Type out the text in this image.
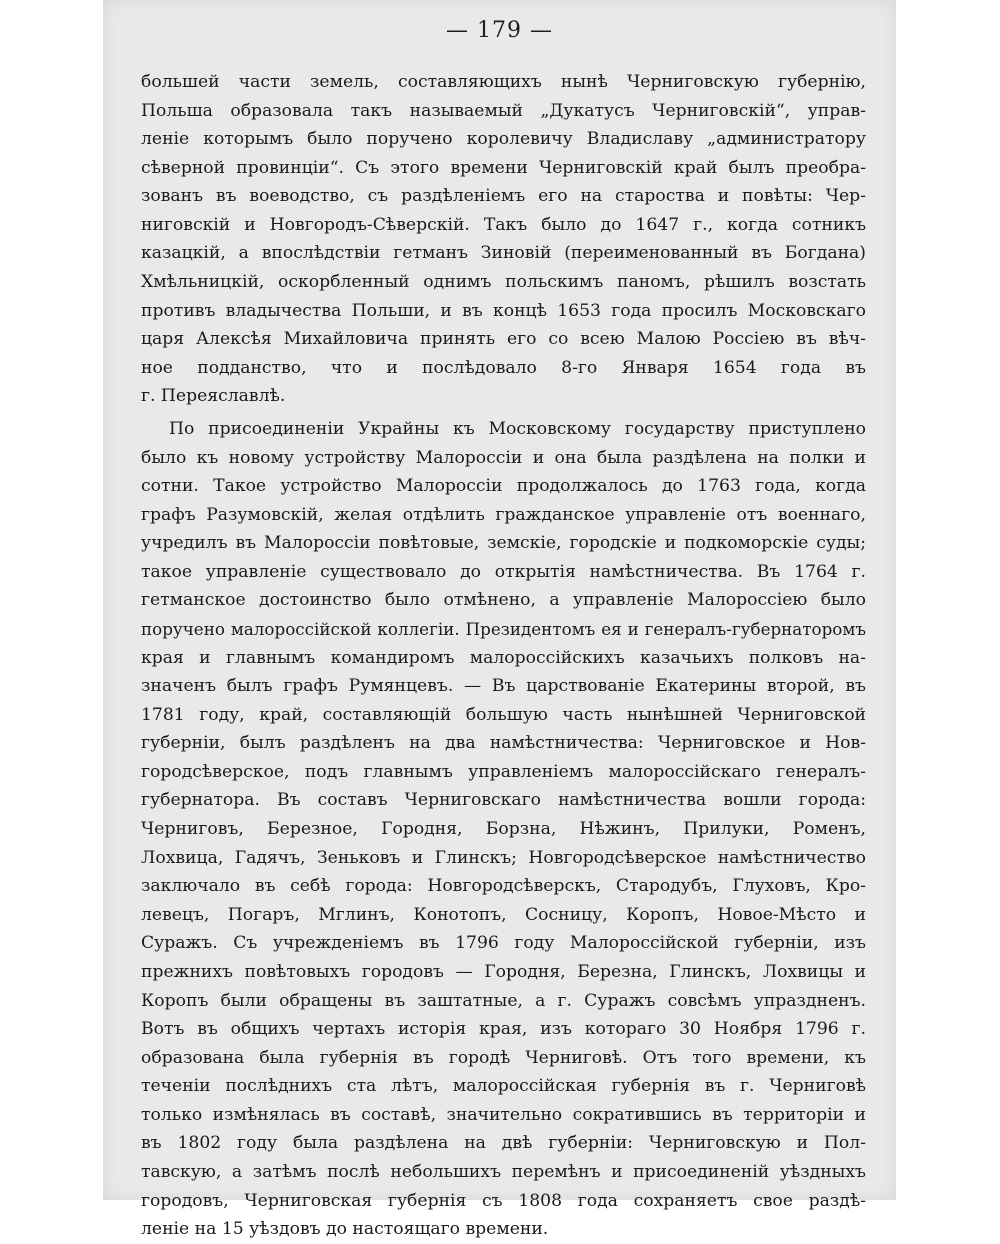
— 179 —
большей части земель, составляющихъ нынѣ Черниговскую губернію,
Польша образовала такъ называемый „Дукатусъ Черниговскій“, управ-
леніе которымъ было поручено королевичу Владиславу „администратору
сѣверной провинціи“. Съ этого времени Черниговскій край былъ преобра-
зованъ въ воеводство, съ раздѣленіемъ его на староства и повѣты: Чер-
ниговскій и Новгородъ-Сѣверскій. Такъ было до 1647 г., когда сотникъ
казацкій, а впослѣдствіи гетманъ Зиновій (переименованный въ Богдана)
Хмѣльницкій, оскорбленный однимъ польскимъ паномъ, рѣшилъ возстать
противъ владычества Польши, и въ концѣ 1653 года просилъ Московскаго
царя Алексѣя Михайловича принять его со всею Малою Россіею въ вѣч-
ное подданство, что и послѣдовало 8-го Января 1654 года въ
г. Переяславлѣ.
По присоединеніи Украйны къ Московскому государству приступлено
было къ новому устройству Малороссіи и она была раздѣлена на полки и
сотни. Такое устройство Малороссіи продолжалось до 1763 года, когда
графъ Разумовскій, желая отдѣлить гражданское управленіе отъ военнаго,
учредилъ въ Малороссіи повѣтовые, земскіе, городскіе и подкоморскіе суды;
такое управленіе существовало до открытія намѣстничества. Въ 1764 г.
гетманское достоинство было отмѣнено, а управленіе Малороссіею было
поручено малороссійской коллегіи. Президентомъ ея и генералъ-губернаторомъ
края и главнымъ командиромъ малороссійскихъ казачьихъ полковъ на-
значенъ былъ графъ Румянцевъ. — Въ царствованіе Екатерины второй, въ
1781 году, край, составляющій большую часть нынѣшней Черниговской
губерніи, былъ раздѣленъ на два намѣстничества: Черниговское и Нов-
городсѣверское, подъ главнымъ управленіемъ малороссійскаго генералъ-
губернатора. Въ составъ Черниговскаго намѣстничества вошли города:
Черниговъ, Березное, Городня, Борзна, Нѣжинъ, Прилуки, Роменъ,
Лохвица, Гадячъ, Зеньковъ и Глинскъ; Новгородсѣверское намѣстничество
заключало въ себѣ города: Новгородсѣверскъ, Стародубъ, Глуховъ, Кро-
левецъ, Погаръ, Мглинъ, Конотопъ, Сосницу, Коропъ, Новое-Мѣсто и
Суражъ. Съ учрежденіемъ въ 1796 году Малороссійской губерніи, изъ
прежнихъ повѣтовыхъ городовъ — Городня, Березна, Глинскъ, Лохвицы и
Коропъ были обращены въ заштатные, а г. Суражъ совсѣмъ упраздненъ.
Вотъ въ общихъ чертахъ исторія края, изъ котораго 30 Ноября 1796 г.
образована была губернія въ городѣ Черниговѣ. Отъ того времени, къ
теченіи послѣднихъ ста лѣтъ, малороссійская губернія въ г. Черниговѣ
только измѣнялась въ составѣ, значительно сократившись въ территоріи и
въ 1802 году была раздѣлена на двѣ губерніи: Черниговскую и Пол-
тавскую, а затѣмъ послѣ небольшихъ перемѣнъ и присоединеній уѣздныхъ
городовъ, Черниговская губернія съ 1808 года сохраняетъ свое раздѣ-
леніе на 15 уѣздовъ до настоящаго времени.
